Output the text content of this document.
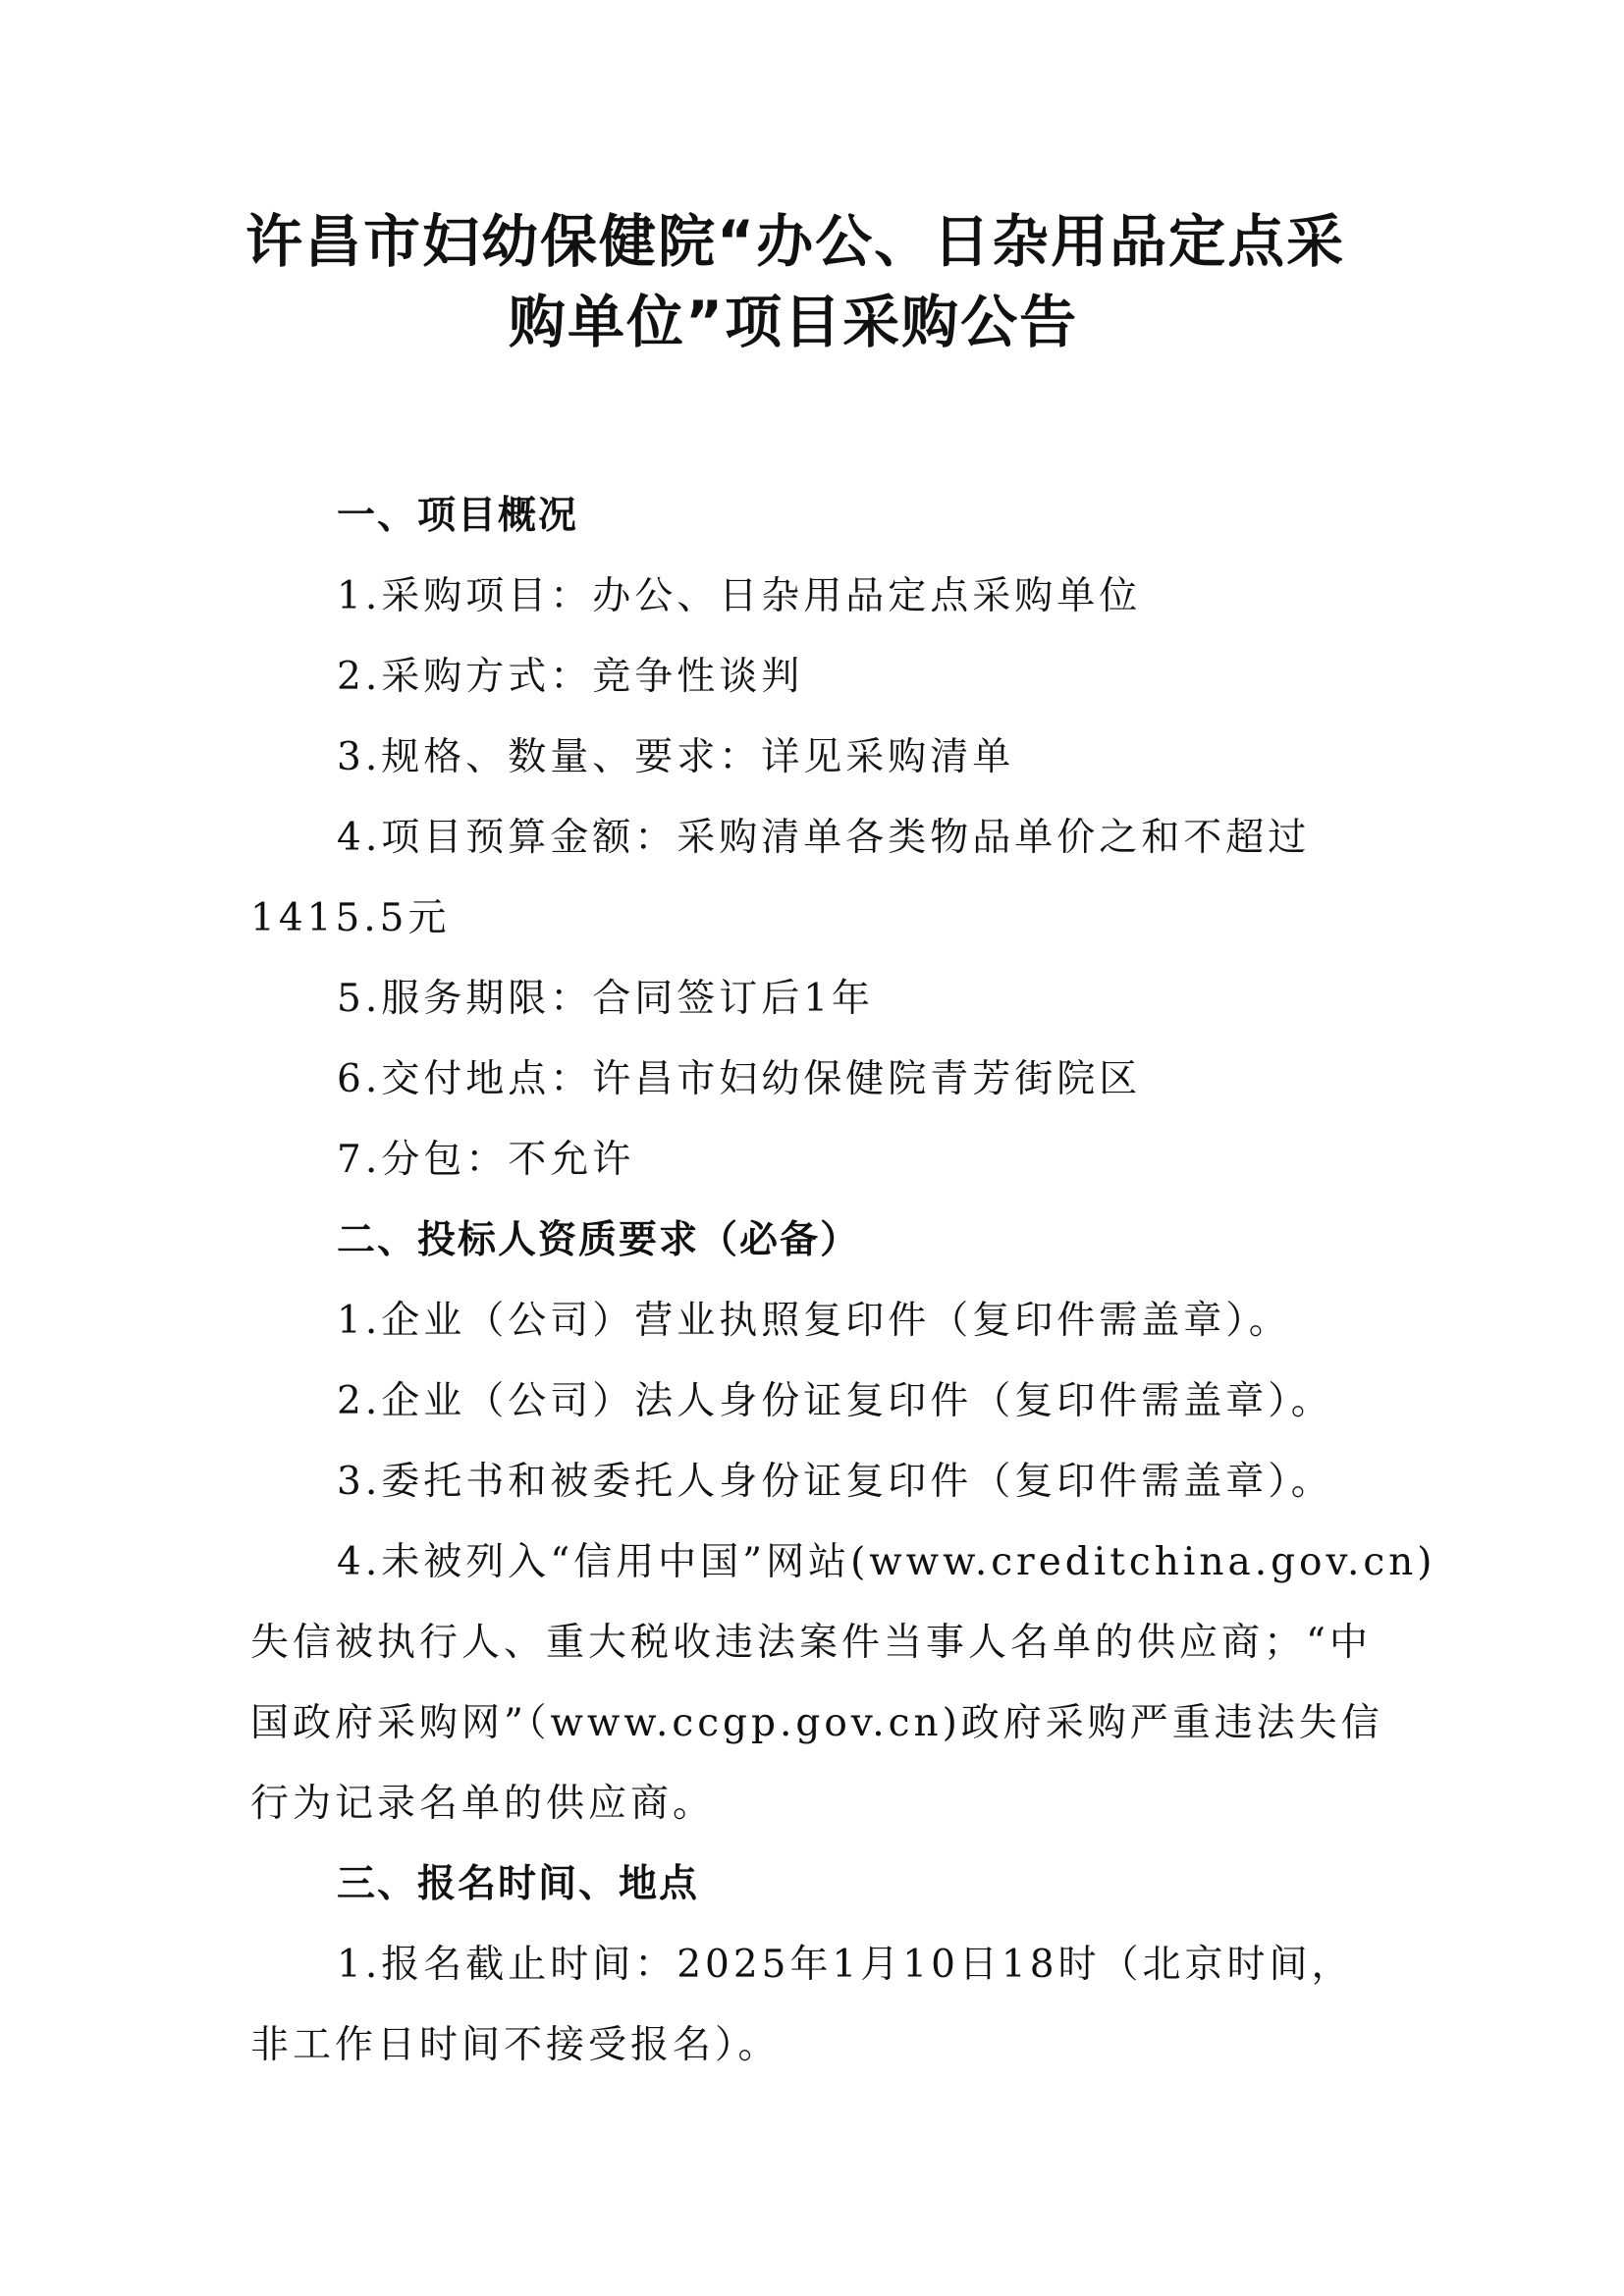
许昌市妇幼保健院“办公、日杂用品定点采
购单位”项目采购公告
一、项目概况
1.采购项目：办公、日杂用品定点采购单位
2.采购方式：竞争性谈判
3.规格、数量、要求：详见采购清单
4.项目预算金额：采购清单各类物品单价之和不超过
1415.5元
5.服务期限：合同签订后1年
6.交付地点：许昌市妇幼保健院青芳街院区
7.分包：不允许
二、投标人资质要求（必备）
1.企业（公司）营业执照复印件（复印件需盖章）。
2.企业（公司）法人身份证复印件（复印件需盖章）。
3.委托书和被委托人身份证复印件（复印件需盖章）。
4.未被列入“信用中国”网站(www.creditchina.gov.cn)
失信被执行人、重大税收违法案件当事人名单的供应商；“中
国政府采购网”（www.ccgp.gov.cn)政府采购严重违法失信
行为记录名单的供应商。
三、报名时间、地点
1.报名截止时间：2025年1月10日18时（北京时间，
非工作日时间不接受报名）。
